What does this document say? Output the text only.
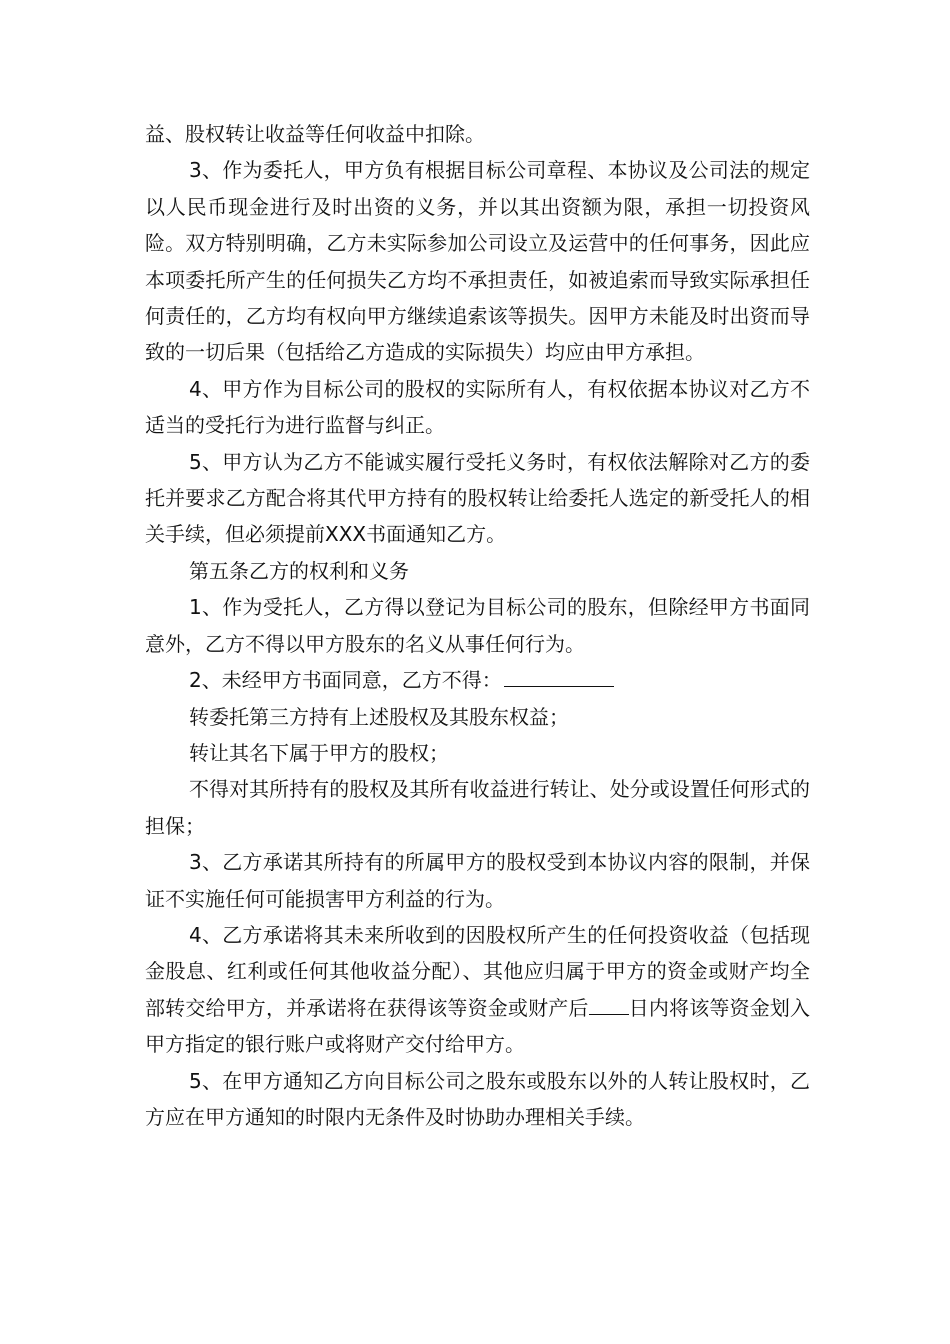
益、股权转让收益等任何收益中扣除。

3、作为委托人，甲方负有根据目标公司章程、本协议及公司法的规定以人民币现金进行及时出资的义务，并以其出资额为限，承担一切投资风险。双方特别明确，乙方未实际参加公司设立及运营中的任何事务，因此应本项委托所产生的任何损失乙方均不承担责任，如被追索而导致实际承担任何责任的，乙方均有权向甲方继续追索该等损失。因甲方未能及时出资而导致的一切后果（包括给乙方造成的实际损失）均应由甲方承担。

4、甲方作为目标公司的股权的实际所有人，有权依据本协议对乙方不适当的受托行为进行监督与纠正。

5、甲方认为乙方不能诚实履行受托义务时，有权依法解除对乙方的委托并要求乙方配合将其代甲方持有的股权转让给委托人选定的新受托人的相关手续，但必须提前XXX书面通知乙方。

第五条乙方的权利和义务

1、作为受托人，乙方得以登记为目标公司的股东，但除经甲方书面同意外，乙方不得以甲方股东的名义从事任何行为。

2、未经甲方书面同意，乙方不得：

转委托第三方持有上述股权及其股东权益；

转让其名下属于甲方的股权；

不得对其所持有的股权及其所有收益进行转让、处分或设置任何形式的担保；

3、乙方承诺其所持有的所属甲方的股权受到本协议内容的限制，并保证不实施任何可能损害甲方利益的行为。

4、乙方承诺将其未来所收到的因股权所产生的任何投资收益（包括现金股息、红利或任何其他收益分配）、其他应归属于甲方的资金或财产均全部转交给甲方，并承诺将在获得该等资金或财产后 日内将该等资金划入甲方指定的银行账户或将财产交付给甲方。

5、在甲方通知乙方向目标公司之股东或股东以外的人转让股权时，乙方应在甲方通知的时限内无条件及时协助办理相关手续。
